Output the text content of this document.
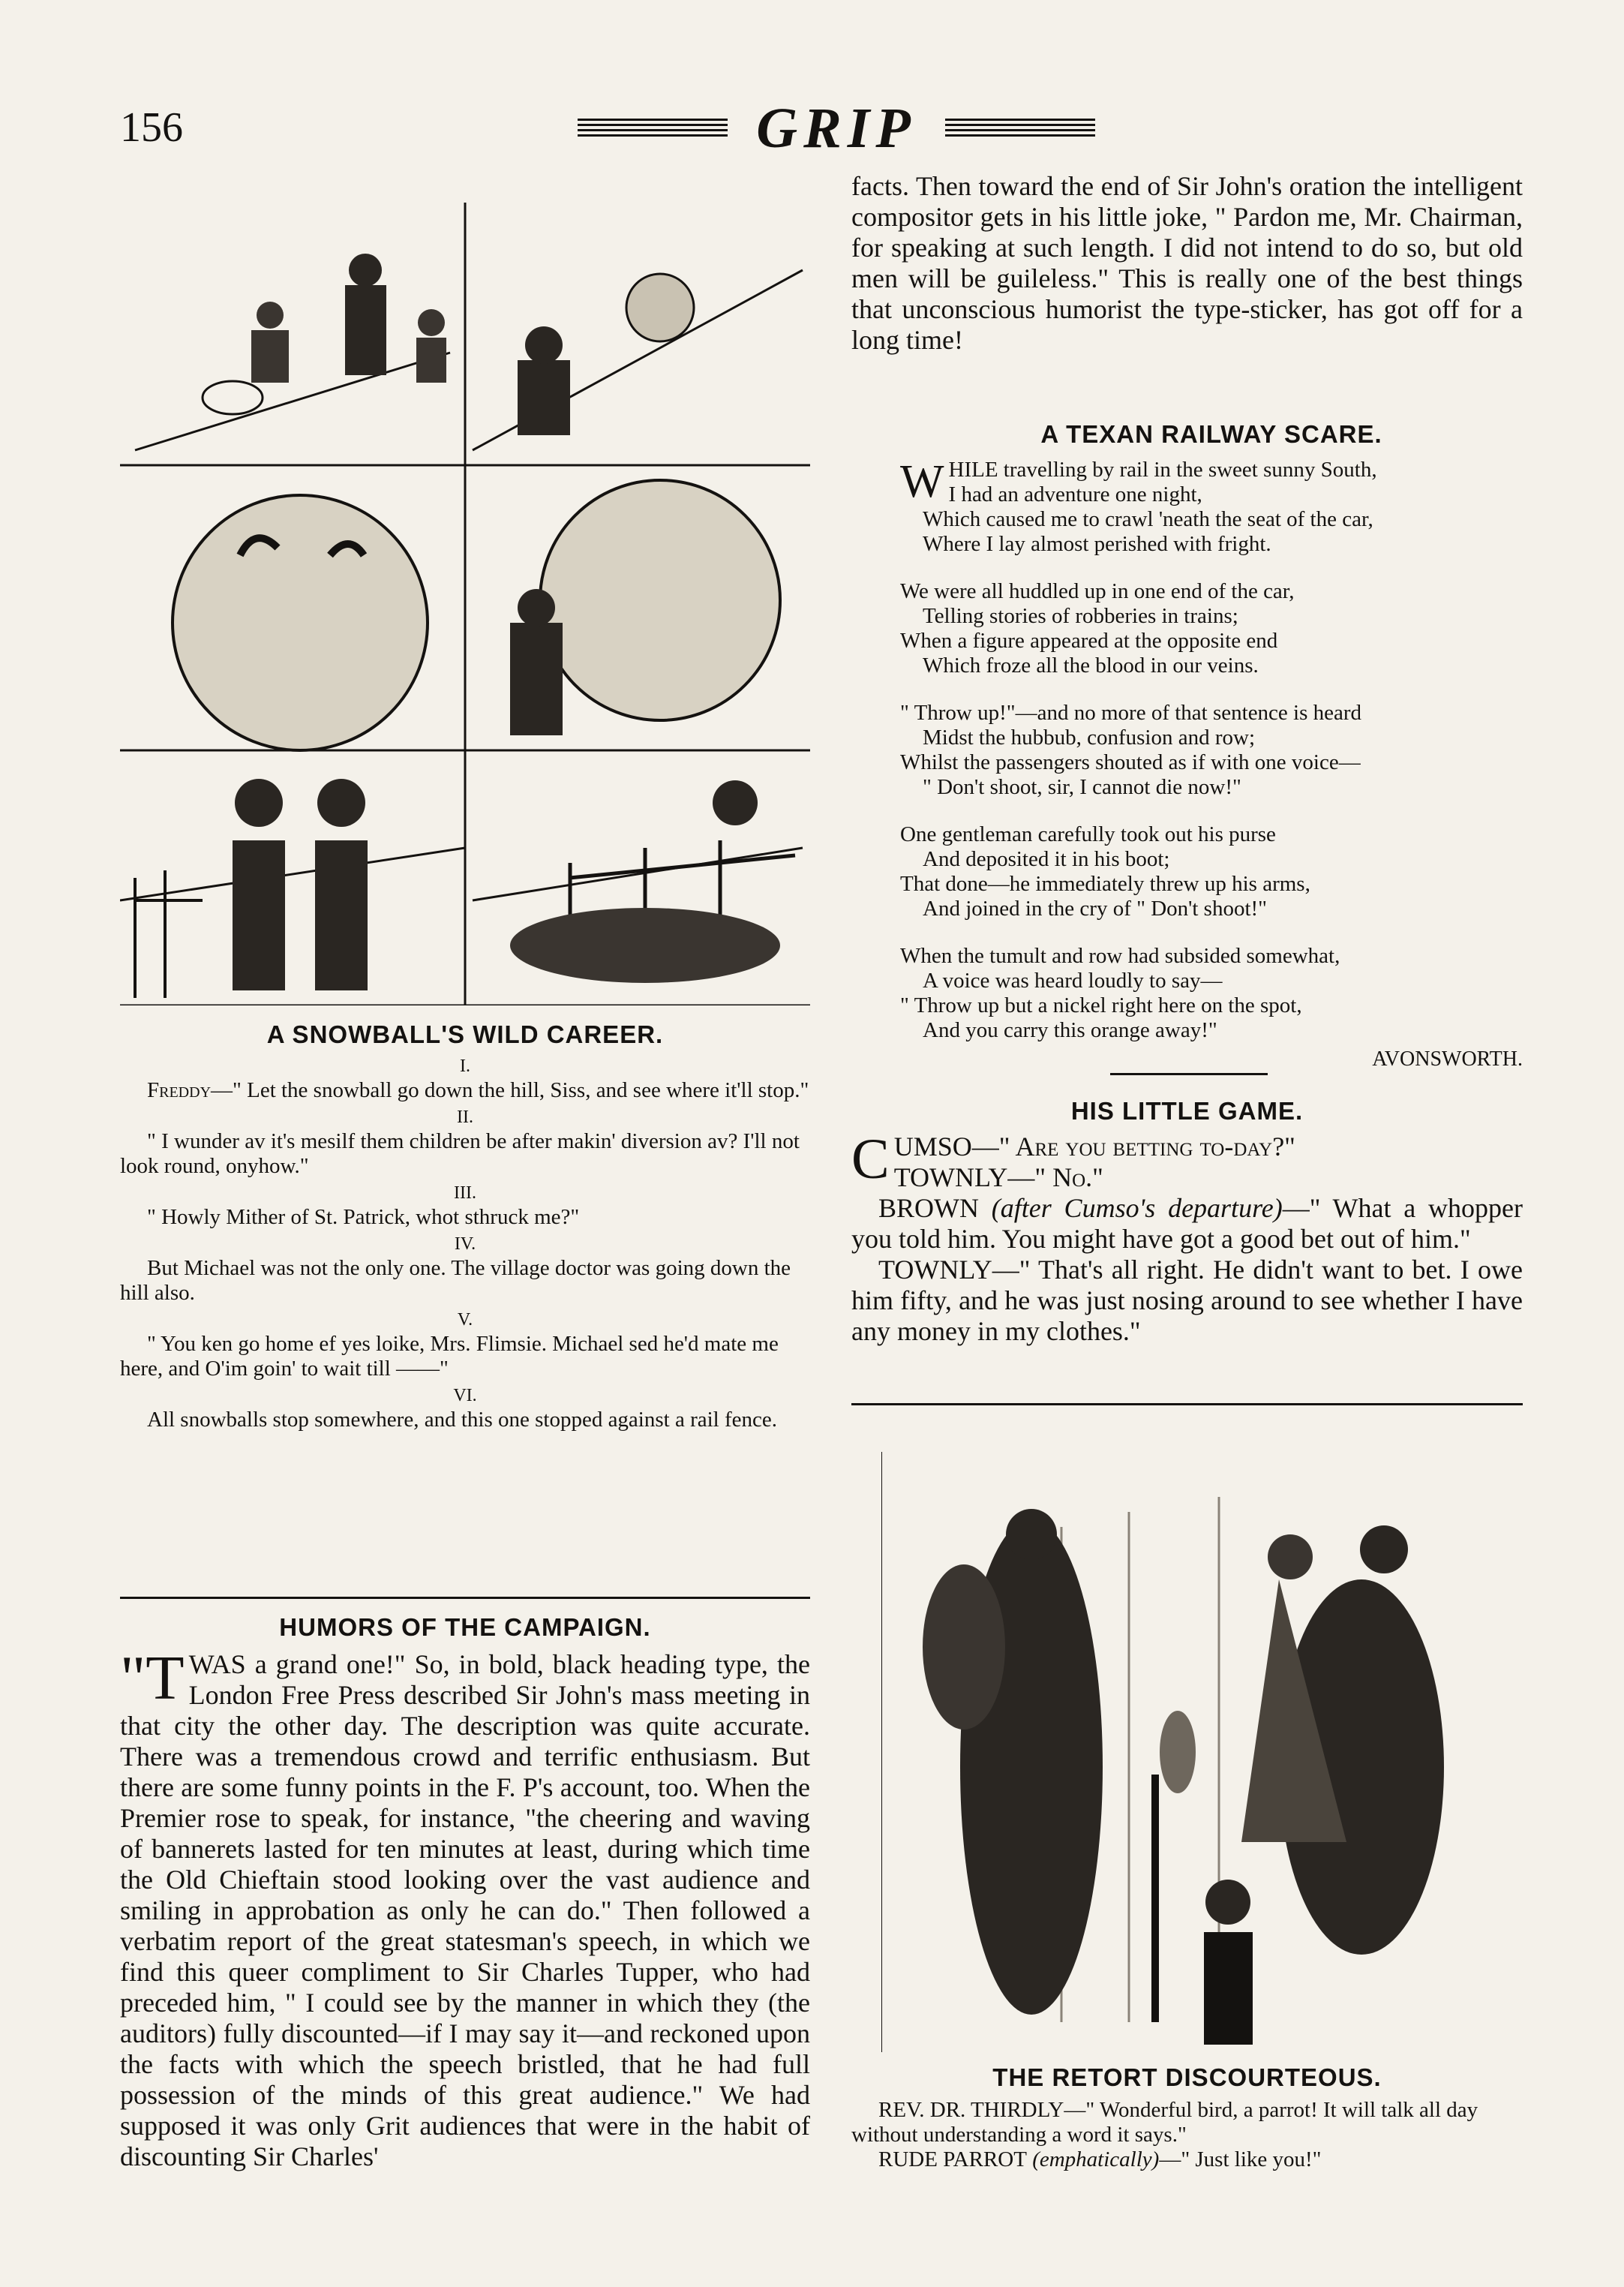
156	GRIP
A SNOWBALL'S WILD CAREER.
I.

Freddy—" Let the snowball go down the hill, Siss, and see where it'll stop."

II.

" I wunder av it's mesilf them children be after makin' diversion av? I'll not look round, onyhow."

III.

" Howly Mither of St. Patrick, whot sthruck me?"

IV.

But Michael was not the only one. The village doctor was going down the hill also.

V.

" You ken go home ef yes loike, Mrs. Flimsie. Michael sed he'd mate me here, and O'im goin' to wait till ——"

VI.

All snowballs stop somewhere, and this one stopped against a rail fence.

HUMORS OF THE CAMPAIGN.

"TWAS a grand one!" So, in bold, black heading type, the London Free Press described Sir John's mass meeting in that city the other day. The description was quite accurate. There was a tremendous crowd and terrific enthusiasm. But there are some funny points in the F. P's account, too. When the Premier rose to speak, for instance, "the cheering and waving of bannerets lasted for ten minutes at least, during which time the Old Chieftain stood looking over the vast audience and smiling in approbation as only he can do." Then followed a verbatim report of the great statesman's speech, in which we find this queer compliment to Sir Charles Tupper, who had preceded him, " I could see by the manner in which they (the auditors) fully discounted—if I may say it—and reckoned upon the facts with which the speech bristled, that he had full possession of the minds of this great audience." We had supposed it was only Grit audiences that were in the habit of discounting Sir Charles'

facts. Then toward the end of Sir John's oration the intelligent compositor gets in his little joke, " Pardon me, Mr. Chairman, for speaking at such length. I did not intend to do so, but old men will be guileless." This is really one of the best things that unconscious humorist the type-sticker, has got off for a long time!

A TEXAN RAILWAY SCARE.
W HILE travelling by rail in the sweet sunny South,
I had an adventure one night,
Which caused me to crawl 'neath the seat of the car,
Where I lay almost perished with fright.
We were all huddled up in one end of the car,
Telling stories of robberies in trains;
When a figure appeared at the opposite end
Which froze all the blood in our veins.
" Throw up!"—and no more of that sentence is heard
Midst the hubbub, confusion and row;
Whilst the passengers shouted as if with one voice—
" Don't shoot, sir, I cannot die now!"
One gentleman carefully took out his purse
And deposited it in his boot;
That done—he immediately threw up his arms,
And joined in the cry of " Don't shoot!"
When the tumult and row had subsided somewhat,
A voice was heard loudly to say—
" Throw up but a nickel right here on the spot,
And you carry this orange away!"
AVONSWORTH.
HIS LITTLE GAME.

CUMSO—" Are you betting to-day?"

TOWNLY—" No."

BROWN (after Cumso's departure)—" What a whopper you told him. You might have got a good bet out of him."

TOWNLY—" That's all right. He didn't want to bet. I owe him fifty, and he was just nosing around to see whether I have any money in my clothes."

THE RETORT DISCOURTEOUS.

REV. DR. THIRDLY—" Wonderful bird, a parrot! It will talk all day without understanding a word it says."

RUDE PARROT (emphatically)—" Just like you!"
